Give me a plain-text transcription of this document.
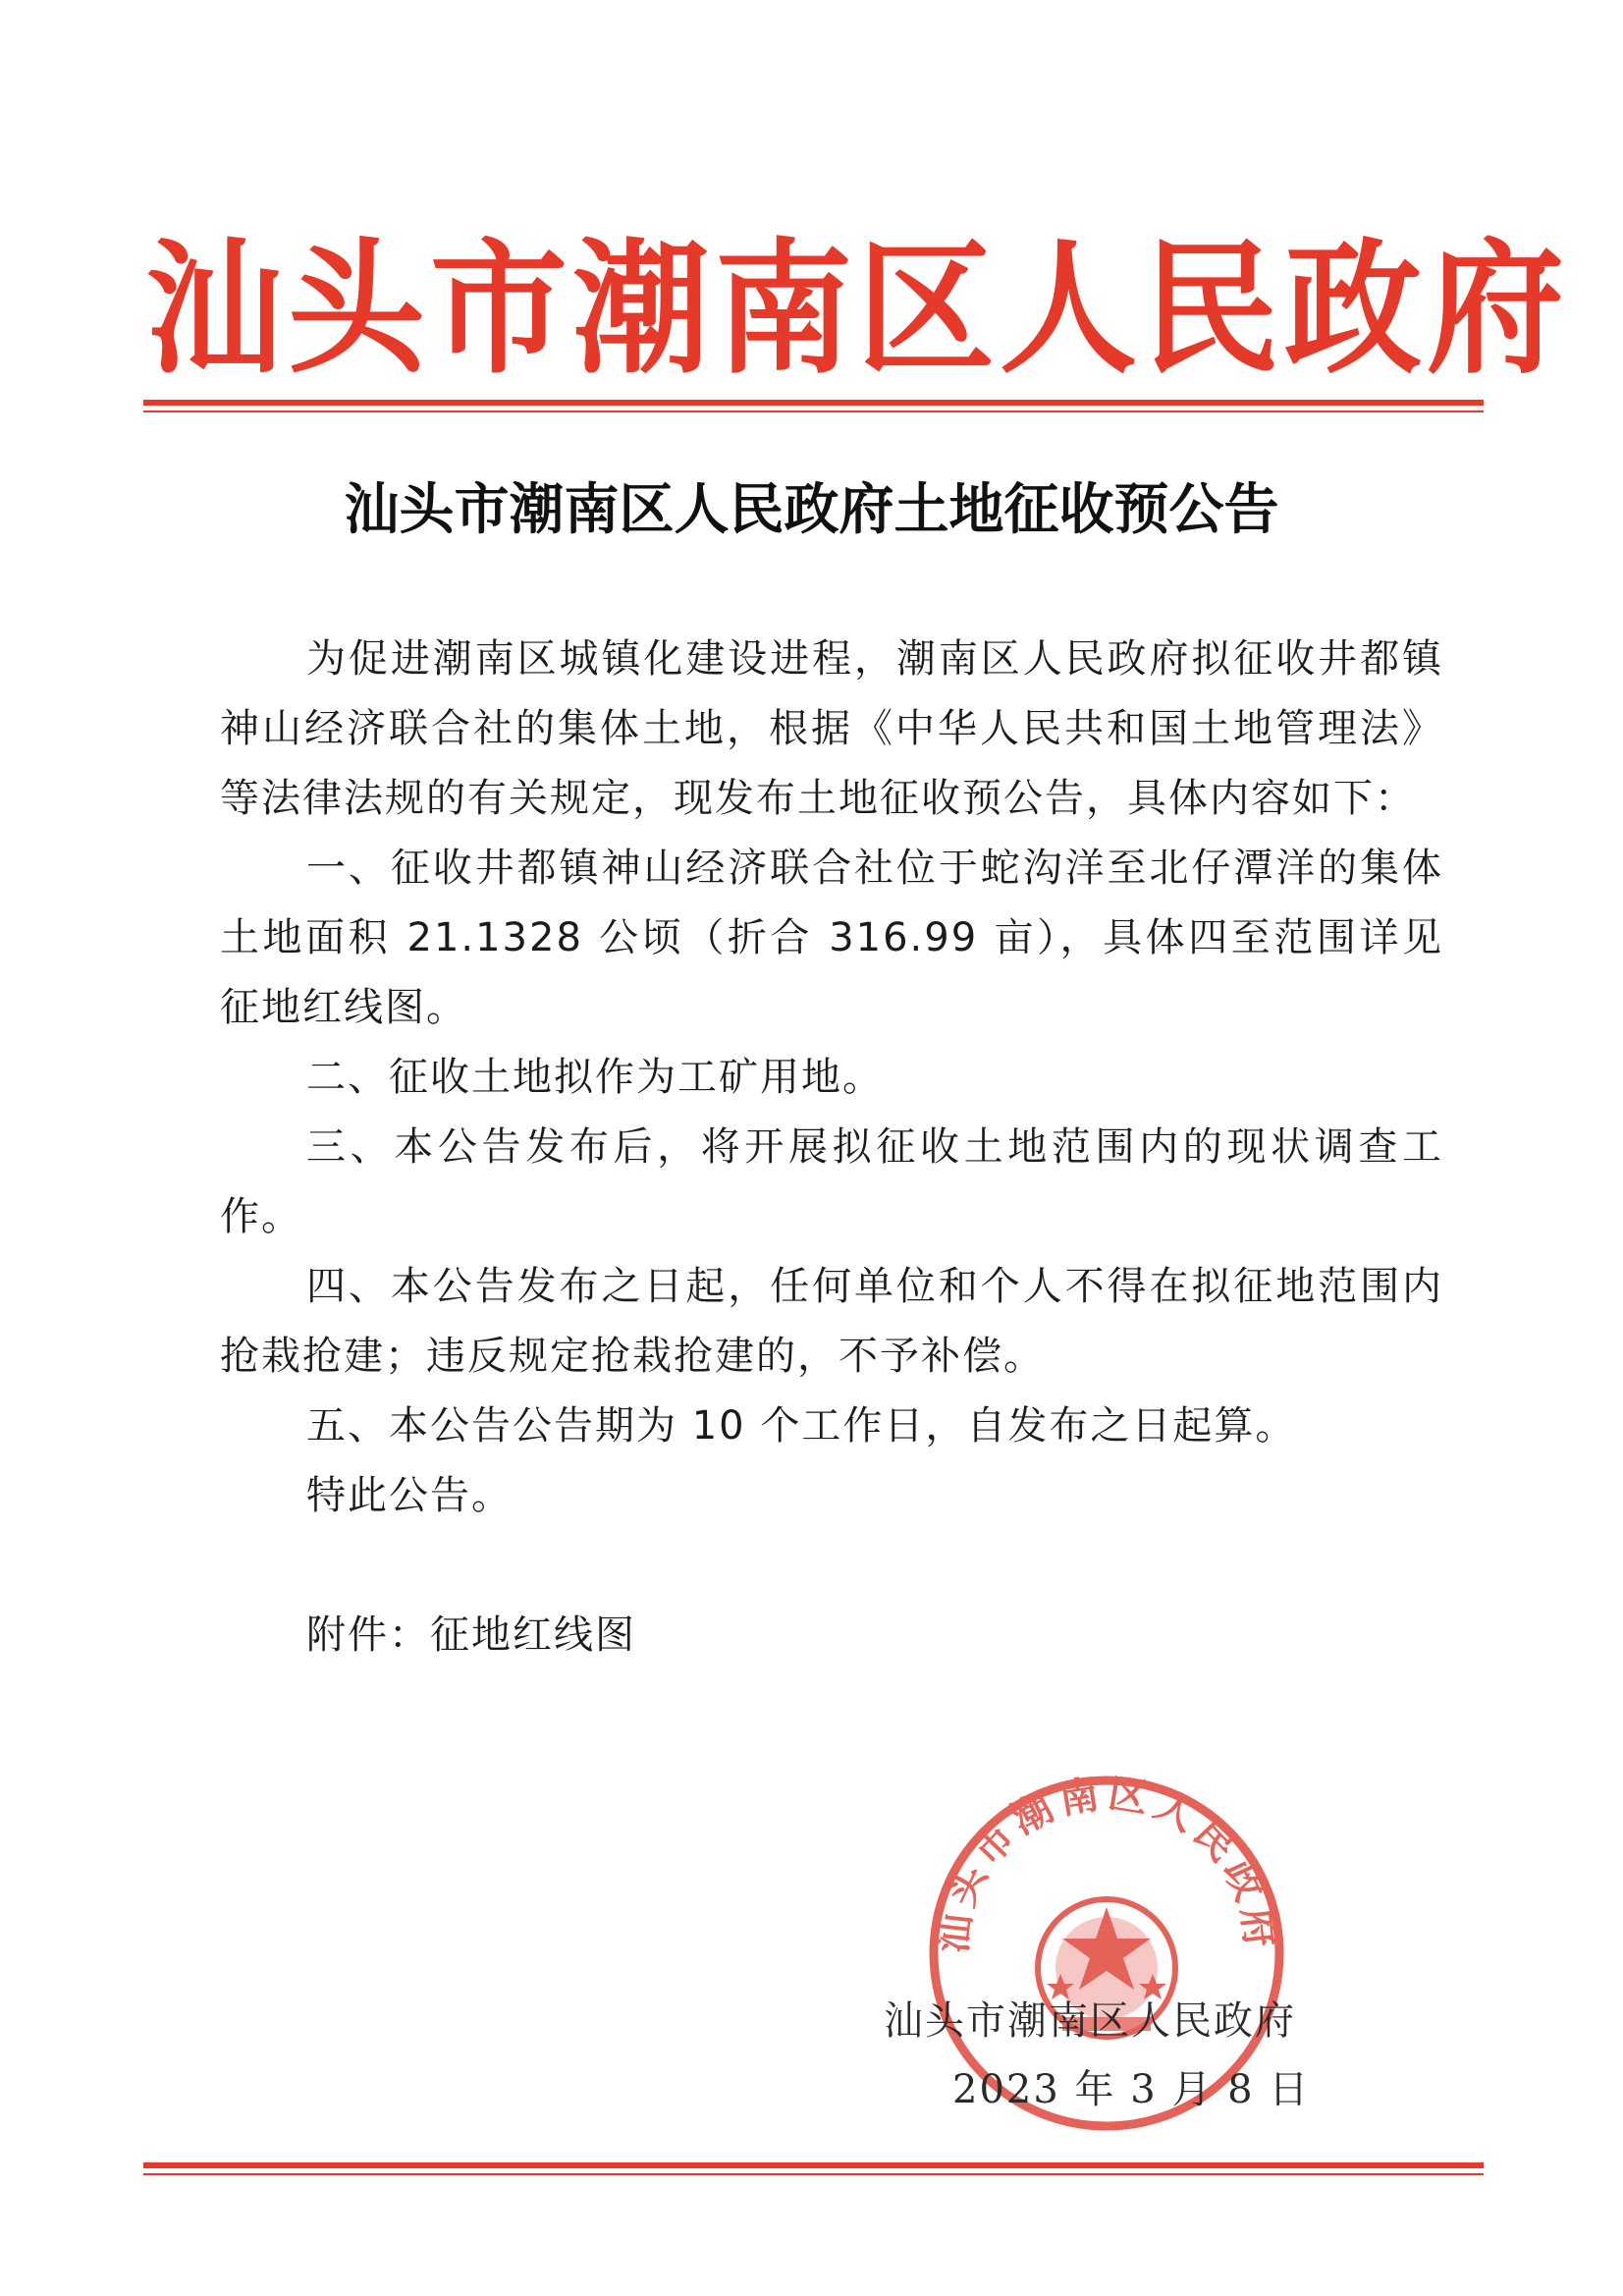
汕头市潮南区人民政府
汕头市潮南区人民政府土地征收预公告

为促进潮南区城镇化建设进程，潮南区人民政府拟征收井都镇神山经济联合社的集体土地，根据《中华人民共和国土地管理法》等法律法规的有关规定，现发布土地征收预公告，具体内容如下：

一、征收井都镇神山经济联合社位于蛇沟洋至北仔潭洋的集体土地面积 21.1328 公顷（折合 316.99 亩），具体四至范围详见征地红线图。

二、征收土地拟作为工矿用地。

三、本公告发布后，将开展拟征收土地范围内的现状调查工作。

四、本公告发布之日起，任何单位和个人不得在拟征地范围内抢栽抢建；违反规定抢栽抢建的，不予补偿。

五、本公告公告期为 10 个工作日，自发布之日起算。

特此公告。

附件：征地红线图

汕头市潮南区人民政府
汕头市潮南区人民政府
2023 年 3 月 8 日
